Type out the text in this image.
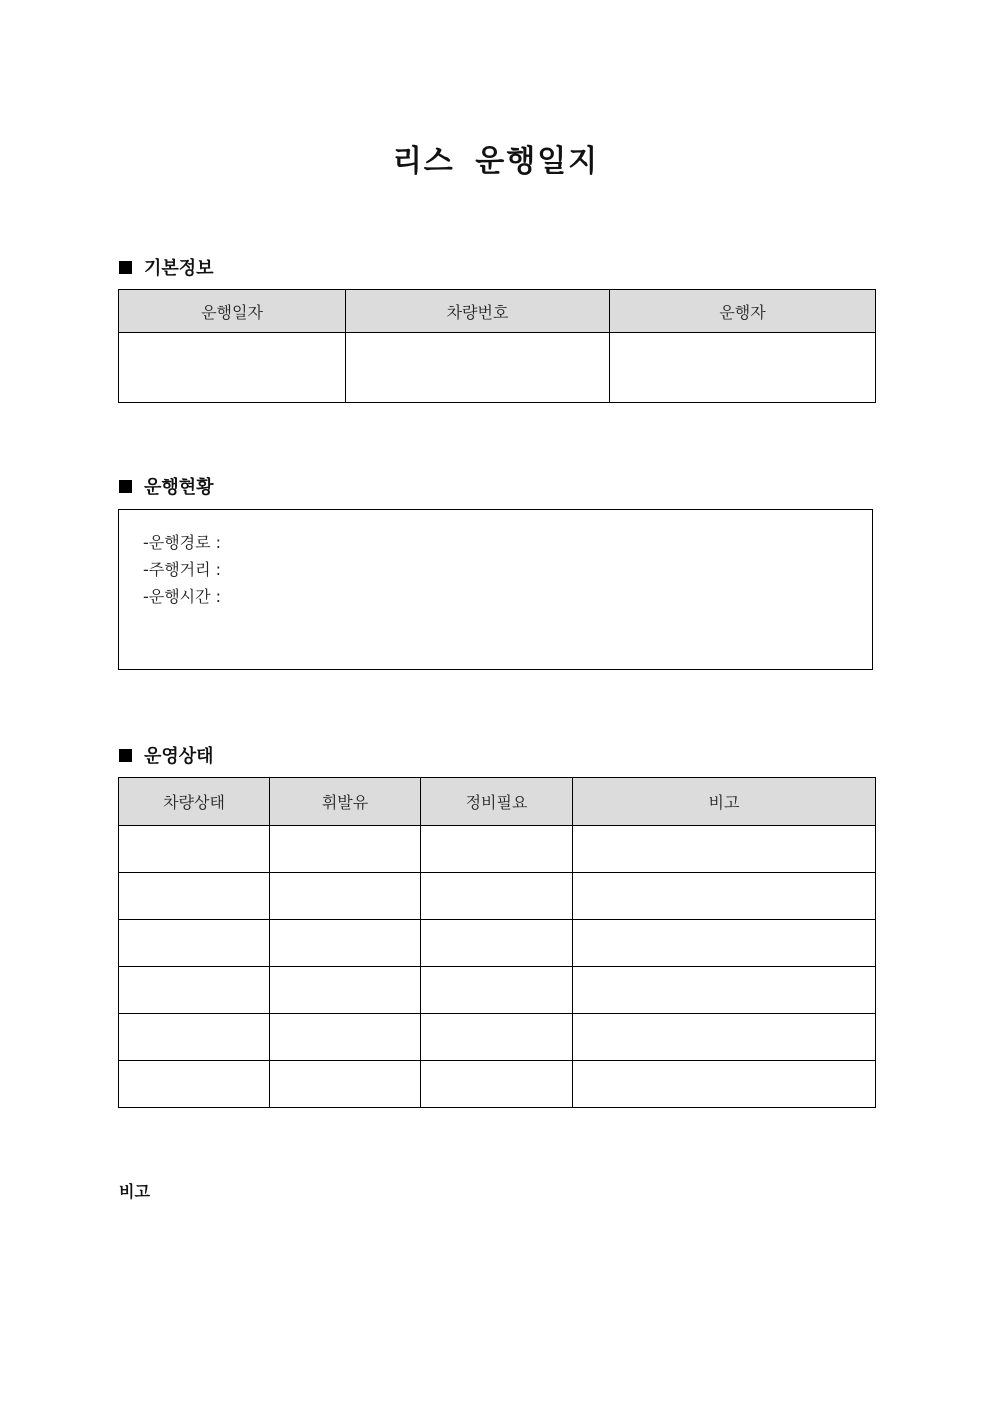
리스 운행일지
기본정보
운행일자	차량번호	운행자

운행현황
-운행경로 :
-주행거리 :
-운행시간 :
운영상태
차량상태	휘발유	정비필요	비고

비고
